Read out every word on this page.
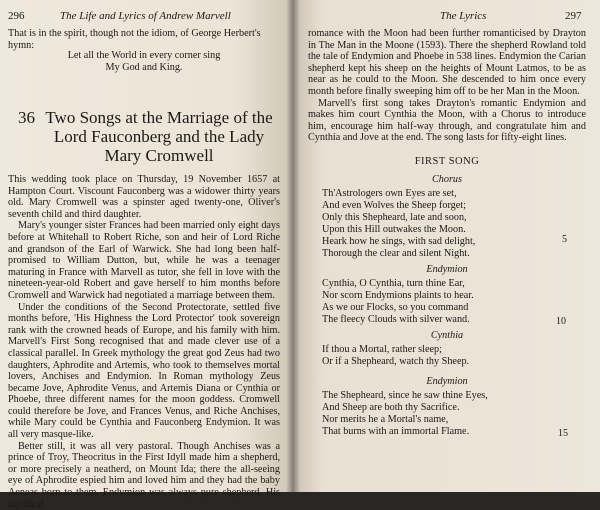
296	The Life and Lyrics of Andrew Marvell

That is in the spirit, though not the idiom, of George Herbert's hymn:

Let all the World in every corner sing
My God and King.
36 Two Songs at the Marriage of the Lord Fauconberg and the Lady Mary Cromwell

This wedding took place on Thursday, 19 November 1657 at Hampton Court. Viscount Fauconberg was a widower thirty years old. Mary Cromwell was a spinster aged twenty-one, Oliver's seventh child and third daughter.

Mary's younger sister Frances had been married only eight days before at Whitehall to Robert Riche, son and heir of Lord Riche and grandson of the Earl of Warwick. She had long been half-promised to William Dutton, but, while he was a teenager maturing in France with Marvell as tutor, she fell in love with the nineteen-year-old Robert and gave herself to him months before Cromwell and Warwick had negotiated a marriage between them.

Under the conditions of the Second Protectorate, settled five months before, 'His Highness the Lord Protector' took sovereign rank with the crowned heads of Europe, and his family with him. Marvell's First Song recognised that and made clever use of a classical parallel. In Greek mythology the great god Zeus had two daughters, Aphrodite and Artemis, who took to themselves mortal lovers, Anchises and Endymion. In Roman mythology Zeus became Jove, Aphrodite Venus, and Artemis Diana or Cynthia or Phoebe, three different names for the moon goddess. Cromwell could therefore be Jove, and Frances Venus, and Riche Anchises, while Mary could be Cynthia and Fauconberg Endymion. It was all very masque-like.

Better still, it was all very pastoral. Though Anchises was a prince of Troy, Theocritus in the First Idyll made him a shepherd, or more precisely a neatherd, on Mount Ida; there the all-seeing eye of Aphrodite espied him and loved him and they had the baby Aeneas born to them. Endymion was always pure shepherd. His mythical

The Lyrics	297

romance with the Moon had been further romanticised by Drayton in The Man in the Moone (1593). There the shepherd Rowland told the tale of Endymion and Phoebe in 538 lines. Endymion the Carian shepherd kept his sheep on the heights of Mount Latmos, to be as near as he could to the Moon. She descended to him once every month before finally sweeping him off to be her Man in the Moon.

Marvell's first song takes Drayton's romantic Endymion and makes him court Cynthia the Moon, with a Chorus to introduce him, encourage him half-way through, and congratulate him and Cynthia and Jove at the end. The song lasts for fifty-eight lines.

FIRST SONG
Chorus
Th'Astrologers own Eyes are set,
And even Wolves the Sheep forget;
Only this Shepheard, late and soon,
Upon this Hill outwakes the Moon.
Heark how he sings, with sad delight,
Thorough the clear and silent Night.
5
Endymion
Cynthia, O Cynthia, turn thine Ear,
Nor scorn Endymions plaints to hear.
As we our Flocks, so you command
The fleecy Clouds with silver wand.	10
Cynthia
If thou a Mortal, rather sleep;
Or if a Shepheard, watch thy Sheep.
Endymion
The Shepheard, since he saw thine Eyes,
And Sheep are both thy Sacrifice.
Nor merits he a Mortal's name,
That burns with an immortal Flame.	15
